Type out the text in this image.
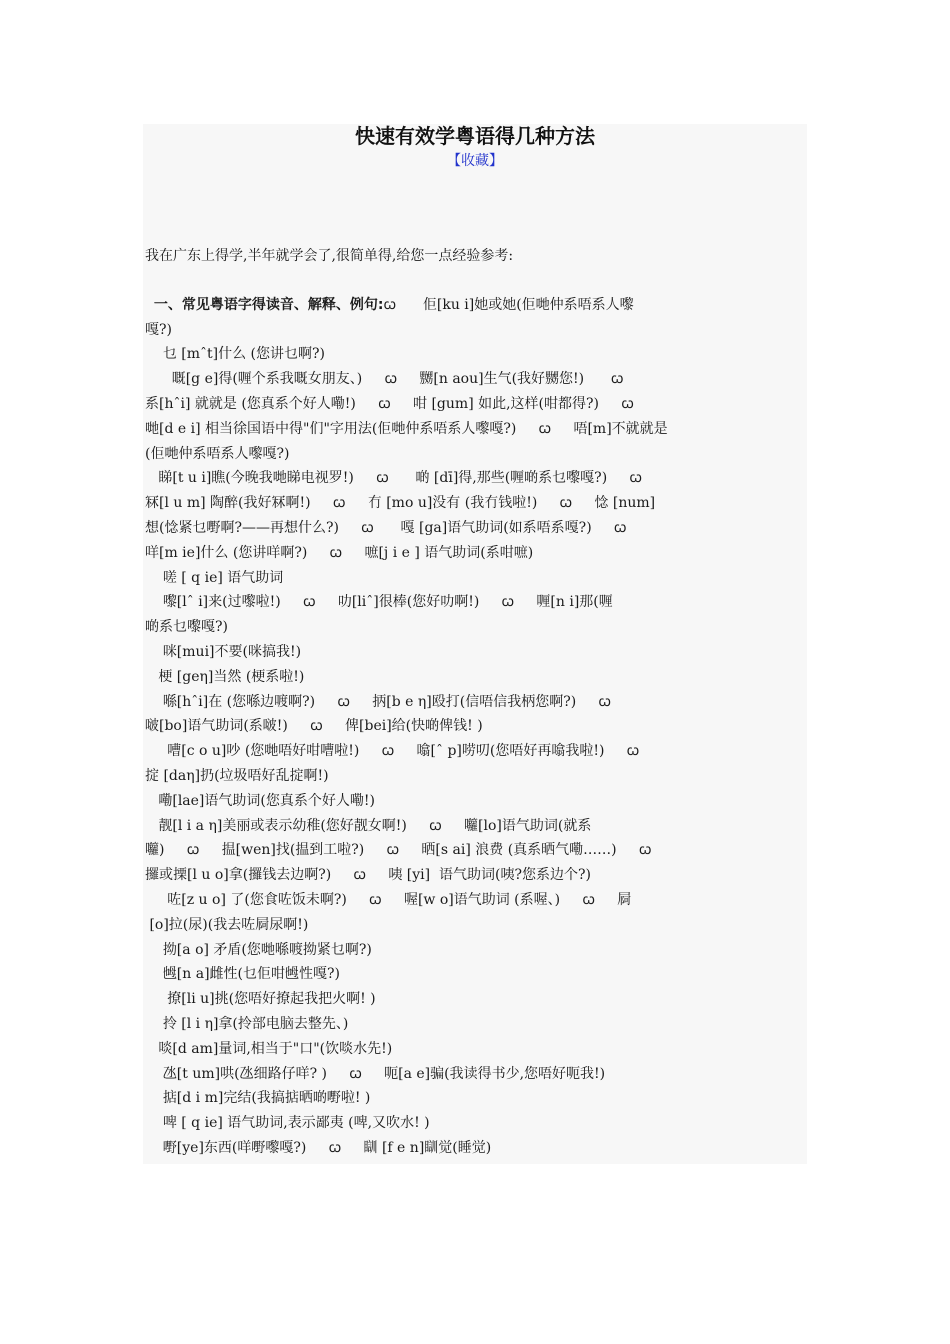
快速有效学粤语得几种方法
【收藏】

我在广东上得学,半年就学会了,很简单得,给您一点经验参考:

一、常见粤语字得读音、解释、例句:ꞷ      佢[ku i]她或她(佢哋仲系唔系人嚟

嘎?)

乜 [mˆt]什么 (您讲乜啊?)

嘅[g e]得(喱个系我嘅女朋友、)     ꞷ     嬲[n aou]生气(我好嬲您!)      ꞷ

系[hˆi] 就就是 (您真系个好人嘞!)     ꞷ     咁 [gum] 如此,这样(咁都得?)     ꞷ

哋[d e i] 相当徐国语中得"们"字用法(佢哋仲系唔系人嚟嘎?)     ꞷ     唔[m]不就就是

(佢哋仲系唔系人嚟嘎?)

睇[t u i]瞧(今晚我哋睇电视罗!)     ꞷ      啲 [dī]得,那些(喱啲系乜嚟嘎?)     ꞷ

冧[l u m] 陶醉(我好冧啊!)     ꞷ     冇 [mo u]没有 (我冇钱啦!)     ꞷ     惗 [num]

想(惗紧乜嘢啊?——再想什么?)     ꞷ      嘎 [ga]语气助词(如系唔系嘎?)     ꞷ

咩[m ie]什么 (您讲咩啊?)     ꞷ     嗻[j i e ] 语气助词(系咁嗻)

嗟 [ q ie] 语气助词

嚟[lˆ i]来(过嚟啦!)     ꞷ     叻[liˆ]很棒(您好叻啊!)     ꞷ     喱[n i]那(喱

啲系乜嚟嘎?)

咪[mui]不要(咪搞我!)

梗 [geη]当然 (梗系啦!)

喺[hˆi]在 (您喺边喥啊?)     ꞷ     抦[b e η]殴打(信唔信我柄您啊?)     ꞷ

啵[bo]语气助词(系啵!)     ꞷ     俾[bei]给(快啲俾钱! )

嘈[c o u]吵 (您哋唔好咁嘈啦!)     ꞷ     噏[ˆ p]唠叨(您唔好再噏我啦!)     ꞷ

掟 [daη]扔(垃圾唔好乱掟啊!)

嘞[lae]语气助词(您真系个好人嘞!)

靓[l i a η]美丽或表示幼稚(您好靓女啊!)     ꞷ     囖[lo]语气助词(就系

囖)     ꞷ     揾[wen]找(揾到工啦?)     ꞷ     晒[s ai] 浪费 (真系晒气嘞……)     ꞷ

攞或搮[l u o]拿(攞钱去边啊?)     ꞷ     咦 [yi]  语气助词(咦?您系边个?)

咗[z u o] 了(您食咗饭未啊?)     ꞷ     喔[w o]语气助词 (系喔、)     ꞷ     屙

[o]拉(尿)(我去咗屙尿啊!)

拗[a o] 矛盾(您哋喺喥拗紧乜啊?)

乸[n a]雌性(乜佢咁乸性嘎?)

撩[li u]挑(您唔好撩起我把火啊! )

拎 [l i η]拿(拎部电脑去整先、)

啖[d am]量词,相当于"口"(饮啖水先!)

氹[t um]哄(氹细路仔咩? )     ꞷ     呃[a e]骗(我读得书少,您唔好呃我!)

掂[d i m]完结(我搞掂晒啲嘢啦! )

啤 [ q ie] 语气助词,表示鄙夷 (啤,又吹水! )

嘢[ye]东西(咩嘢嚟嘎?)     ꞷ     瞓 [f e n]瞓觉(睡觉)
